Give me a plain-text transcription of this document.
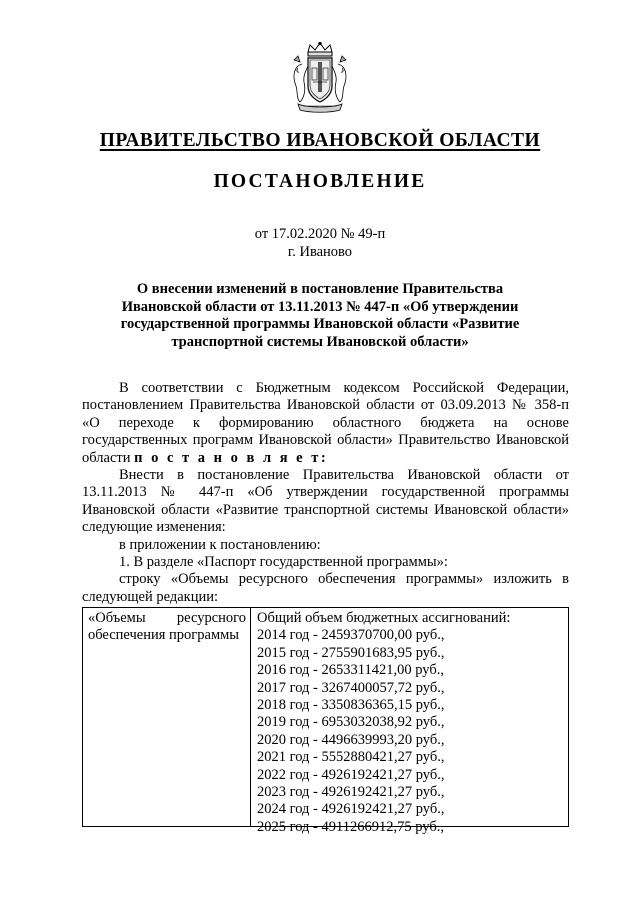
ПРАВИТЕЛЬСТВО ИВАНОВСКОЙ ОБЛАСТИ
ПОСТАНОВЛЕНИЕ
от 17.02.2020 № 49-п
г. Иваново
О внесении изменений в постановление Правительства
Ивановской области от 13.11.2013 № 447-п «Об утверждении
государственной программы Ивановской области «Развитие
транспортной системы Ивановской области»

В соответствии с Бюджетным кодексом Российской Федерации, постановлением Правительства Ивановской области от 03.09.2013 № 358-п «О переходе к формированию областного бюджета на основе государственных программ Ивановской области» Правительство Ивановской области п о с т а н о в л я е т:

Внести в постановление Правительства Ивановской области от 13.11.2013 № 447-п «Об утверждении государственной программы Ивановской области «Развитие транспортной системы Ивановской области» следующие изменения:

в приложении к постановлению:

1. В разделе «Паспорт государственной программы»:

строку «Объемы ресурсного обеспечения программы» изложить в следующей редакции:

«Объемы ресурсного
обеспечения программы
Общий объем бюджетных ассигнований:
2014 год - 2459370700,00 руб.,
2015 год - 2755901683,95 руб.,
2016 год - 2653311421,00 руб.,
2017 год - 3267400057,72 руб.,
2018 год - 3350836365,15 руб.,
2019 год - 6953032038,92 руб.,
2020 год - 4496639993,20 руб.,
2021 год - 5552880421,27 руб.,
2022 год - 4926192421,27 руб.,
2023 год - 4926192421,27 руб.,
2024 год - 4926192421,27 руб.,
2025 год - 4911266912,75 руб.,
